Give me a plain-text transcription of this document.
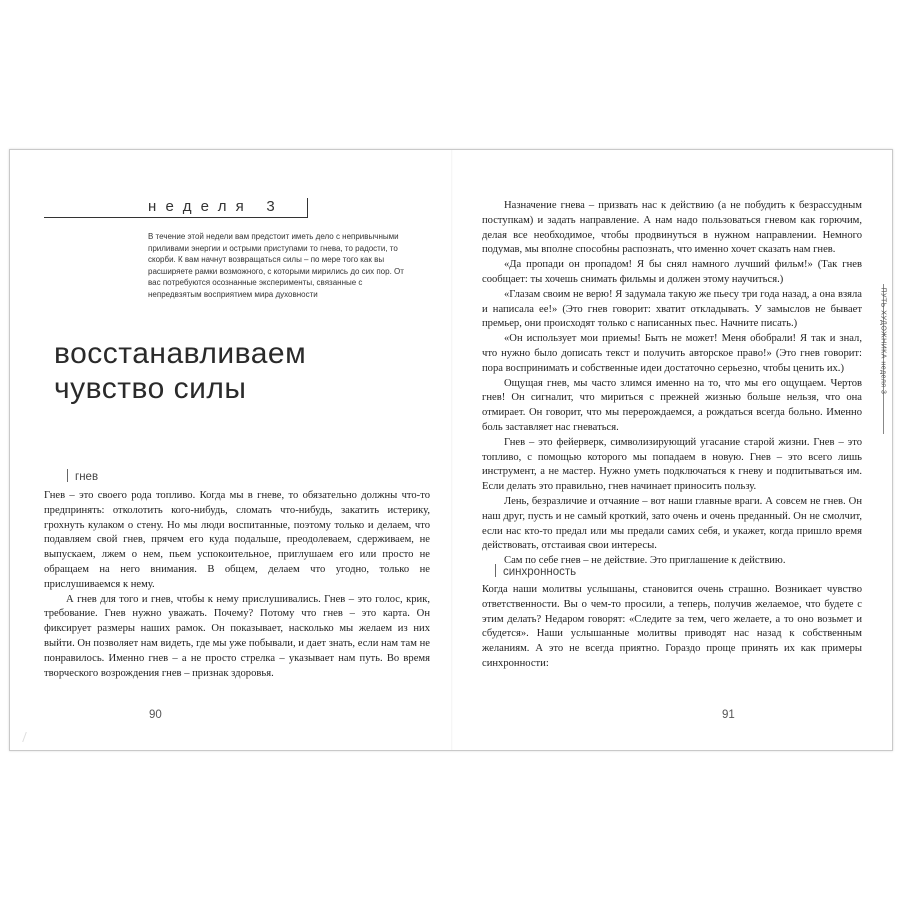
неделя 3
В течение этой недели вам предстоит иметь дело с непривычными приливами энергии и острыми приступами то гнева, то радости, то скорби. К вам начнут возвращаться силы – по мере того как вы расширяете рамки возможного, с которыми мирились до сих пор. От вас потребуются осознанные эксперименты, связанные с непредвзятым восприятием мира духовности
восстанавливаем
чувство силы
гнев

Гнев – это своего рода топливо. Когда мы в гневе, то обязательно должны что-то предпринять: отколотить кого-нибудь, сломать что-нибудь, закатить истерику, грохнуть кулаком о стену. Но мы люди воспитанные, поэтому только и делаем, что подавляем свой гнев, прячем его куда подальше, преодолеваем, сдерживаем, не выпускаем, лжем о нем, пьем успокоительное, приглушаем его или просто не обращаем на него внимания. В общем, делаем что угодно, только не прислушиваемся к нему.

А гнев для того и гнев, чтобы к нему прислушивались. Гнев – это голос, крик, требование. Гнев нужно уважать. Почему? Потому что гнев – это карта. Он фиксирует размеры наших рамок. Он показывает, насколько мы желаем из них выйти. Он позволяет нам видеть, где мы уже побывали, и дает знать, если нам там не понравилось. Именно гнев – а не просто стрелка – указывает нам путь. Во время творческого возрождения гнев – признак здоровья.

90

Назначение гнева – призвать нас к действию (а не побудить к безрассудным поступкам) и задать направление. А нам надо пользоваться гневом как горючим, делая все необходимое, чтобы продвинуться в нужном направлении. Немного подумав, мы вполне способны распознать, что именно хочет сказать нам гнев.

«Да пропади он пропадом! Я бы снял намного лучший фильм!» (Так гнев сообщает: ты хочешь снимать фильмы и должен этому научиться.)

«Глазам своим не верю! Я задумала такую же пьесу три года назад, а она взяла и написала ее!» (Это гнев говорит: хватит откладывать. У замыслов не бывает премьер, они происходят только с написанных пьес. Начните писать.)

«Он использует мои приемы! Быть не может! Меня обобрали! Я так и знал, что нужно было дописать текст и получить авторское право!» (Это гнев говорит: пора воспринимать и собственные идеи достаточно серьезно, чтобы ценить их.)

Ощущая гнев, мы часто злимся именно на то, что мы его ощущаем. Чертов гнев! Он сигналит, что мириться с прежней жизнью больше нельзя, что она отмирает. Он говорит, что мы перерождаемся, а рождаться всегда больно. Именно боль заставляет нас гневаться.

Гнев – это фейерверк, символизирующий угасание старой жизни. Гнев – это топливо, с помощью которого мы попадаем в новую. Гнев – это всего лишь инструмент, а не мастер. Нужно уметь подключаться к гневу и подпитываться им. Если делать это правильно, гнев начинает приносить пользу.

Лень, безразличие и отчаяние – вот наши главные враги. А совсем не гнев. Он наш друг, пусть и не самый кроткий, зато очень и очень преданный. Он не смолчит, если нас кто-то предал или мы предали самих себя, и укажет, когда пришло время действовать, отстаивая свои интересы.

Сам по себе гнев – не действие. Это приглашение к действию.

синхронность

Когда наши молитвы услышаны, становится очень страшно. Возникает чувство ответственности. Вы о чем-то просили, а теперь, получив желаемое, что будете с этим делать? Недаром говорят: «Следите за тем, чего желаете, а то оно возьмет и сбудется». Наши услышанные молитвы приводят нас назад к собственным желаниям. А это не всегда приятно. Гораздо проще принять их как примеры синхронности:

ПУТЬ ХУДОЖНИКА неделя 3
91
